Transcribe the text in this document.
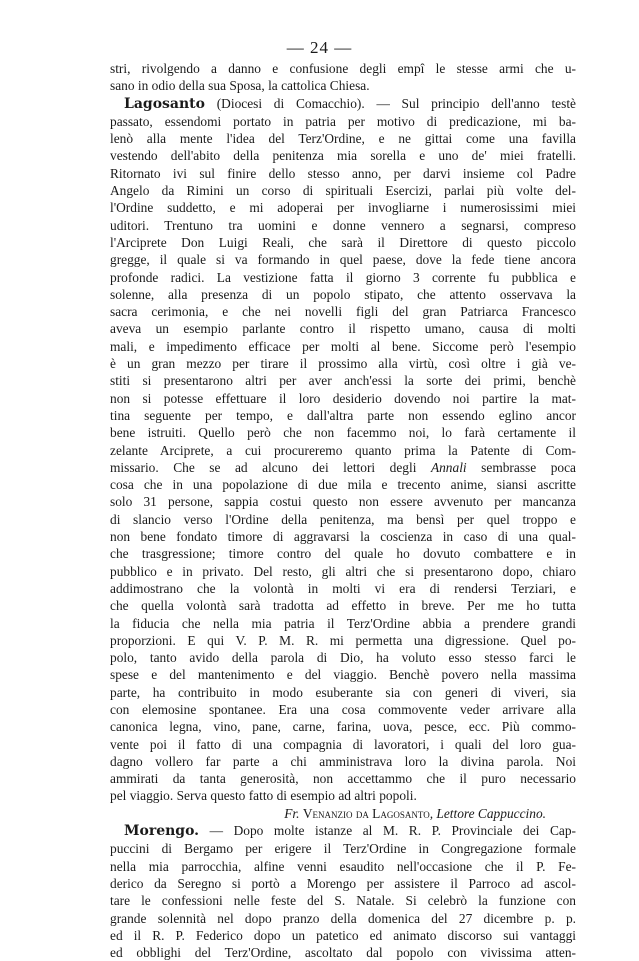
— 24 —
stri, rivolgendo a danno e confusione degli empî le stesse armi che u-
sano in odio della sua Sposa, la cattolica Chiesa.
Lagosanto (Diocesi di Comacchio). — Sul principio dell'anno testè
passato, essendomi portato in patria per motivo di predicazione, mi ba-
lenò alla mente l'idea del Terz'Ordine, e ne gittai come una favilla
vestendo dell'abito della penitenza mia sorella e uno de' miei fratelli.
Ritornato ivi sul finire dello stesso anno, per darvi insieme col Padre
Angelo da Rimini un corso di spirituali Esercizi, parlai più volte del-
l'Ordine suddetto, e mi adoperai per invogliarne i numerosissimi miei
uditori. Trentuno tra uomini e donne vennero a segnarsi, compreso
l'Arciprete Don Luigi Reali, che sarà il Direttore di questo piccolo
gregge, il quale si va formando in quel paese, dove la fede tiene ancora
profonde radici. La vestizione fatta il giorno 3 corrente fu pubblica e
solenne, alla presenza di un popolo stipato, che attento osservava la
sacra cerimonia, e che nei novelli figli del gran Patriarca Francesco
aveva un esempio parlante contro il rispetto umano, causa di molti
mali, e impedimento efficace per molti al bene. Siccome però l'esempio
è un gran mezzo per tirare il prossimo alla virtù, così oltre i già ve-
stiti si presentarono altri per aver anch'essi la sorte dei primi, benchè
non si potesse effettuare il loro desiderio dovendo noi partire la mat-
tina seguente per tempo, e dall'altra parte non essendo eglino ancor
bene istruiti. Quello però che non facemmo noi, lo farà certamente il
zelante Arciprete, a cui procureremo quanto prima la Patente di Com-
missario. Che se ad alcuno dei lettori degli Annali sembrasse poca
cosa che in una popolazione di due mila e trecento anime, siansi ascritte
solo 31 persone, sappia costui questo non essere avvenuto per mancanza
di slancio verso l'Ordine della penitenza, ma bensì per quel troppo e
non bene fondato timore di aggravarsi la coscienza in caso di una qual-
che trasgressione; timore contro del quale ho dovuto combattere e in
pubblico e in privato. Del resto, gli altri che si presentarono dopo, chiaro
addimostrano che la volontà in molti vi era di rendersi Terziari, e
che quella volontà sarà tradotta ad effetto in breve. Per me ho tutta
la fiducia che nella mia patria il Terz'Ordine abbia a prendere grandi
proporzioni. E qui V. P. M. R. mi permetta una digressione. Quel po-
polo, tanto avido della parola di Dio, ha voluto esso stesso farci le
spese e del mantenimento e del viaggio. Benchè povero nella massima
parte, ha contribuito in modo esuberante sia con generi di viveri, sia
con elemosine spontanee. Era una cosa commovente veder arrivare alla
canonica legna, vino, pane, carne, farina, uova, pesce, ecc. Più commo-
vente poi il fatto di una compagnia di lavoratori, i quali del loro gua-
dagno vollero far parte a chi amministrava loro la divina parola. Noi
ammirati da tanta generosità, non accettammo che il puro necessario
pel viaggio. Serva questo fatto di esempio ad altri popoli.
Fr. Venanzio da Lagosanto, Lettore Cappuccino.
Morengo. — Dopo molte istanze al M. R. P. Provinciale dei Cap-
puccini di Bergamo per erigere il Terz'Ordine in Congregazione formale
nella mia parrocchia, alfine venni esaudito nell'occasione che il P. Fe-
derico da Seregno si portò a Morengo per assistere il Parroco ad ascol-
tare le confessioni nelle feste del S. Natale. Si celebrò la funzione con
grande solennità nel dopo pranzo della domenica del 27 dicembre p. p.
ed il R. P. Federico dopo un patetico ed animato discorso sui vantaggi
ed obblighi del Terz'Ordine, ascoltato dal popolo con vivissima atten-
